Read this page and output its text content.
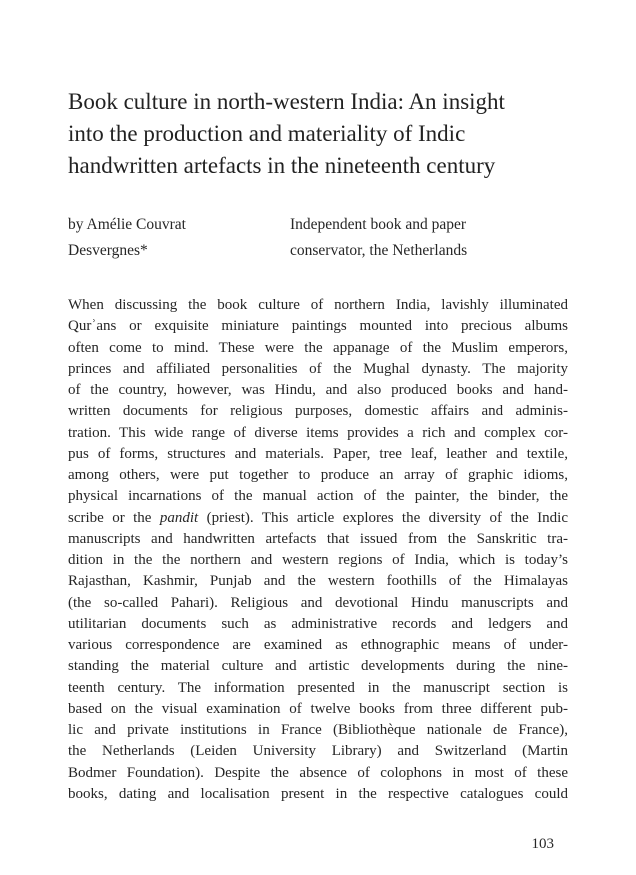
Book culture in north-western India: An insight
into the production and materiality of Indic
handwritten artefacts in the nineteenth century
by Amélie Couvrat
Desvergnes*
Independent book and paper
conservator, the Netherlands
When discussing the book culture of northern India, lavishly illuminated
Qurʾans or exquisite miniature paintings mounted into precious albums
often come to mind. These were the appanage of the Muslim emperors,
princes and affiliated personalities of the Mughal dynasty. The majority
of the country, however, was Hindu, and also produced books and hand-
written documents for religious purposes, domestic affairs and adminis-
tration. This wide range of diverse items provides a rich and complex cor-
pus of forms, structures and materials. Paper, tree leaf, leather and textile,
among others, were put together to produce an array of graphic idioms,
physical incarnations of the manual action of the painter, the binder, the
scribe or the pandit (priest). This article explores the diversity of the Indic
manuscripts and handwritten artefacts that issued from the Sanskritic tra-
dition in the the northern and western regions of India, which is today’s
Rajasthan, Kashmir, Punjab and the western foothills of the Himalayas
(the so-called Pahari). Religious and devotional Hindu manuscripts and
utilitarian documents such as administrative records and ledgers and
various correspondence are examined as ethnographic means of under-
standing the material culture and artistic developments during the nine-
teenth century. The information presented in the manuscript section is
based on the visual examination of twelve books from three different pub-
lic and private institutions in France (Bibliothèque nationale de France),
the Netherlands (Leiden University Library) and Switzerland (Martin
Bodmer Foundation). Despite the absence of colophons in most of these
books, dating and localisation present in the respective catalogues could
103
